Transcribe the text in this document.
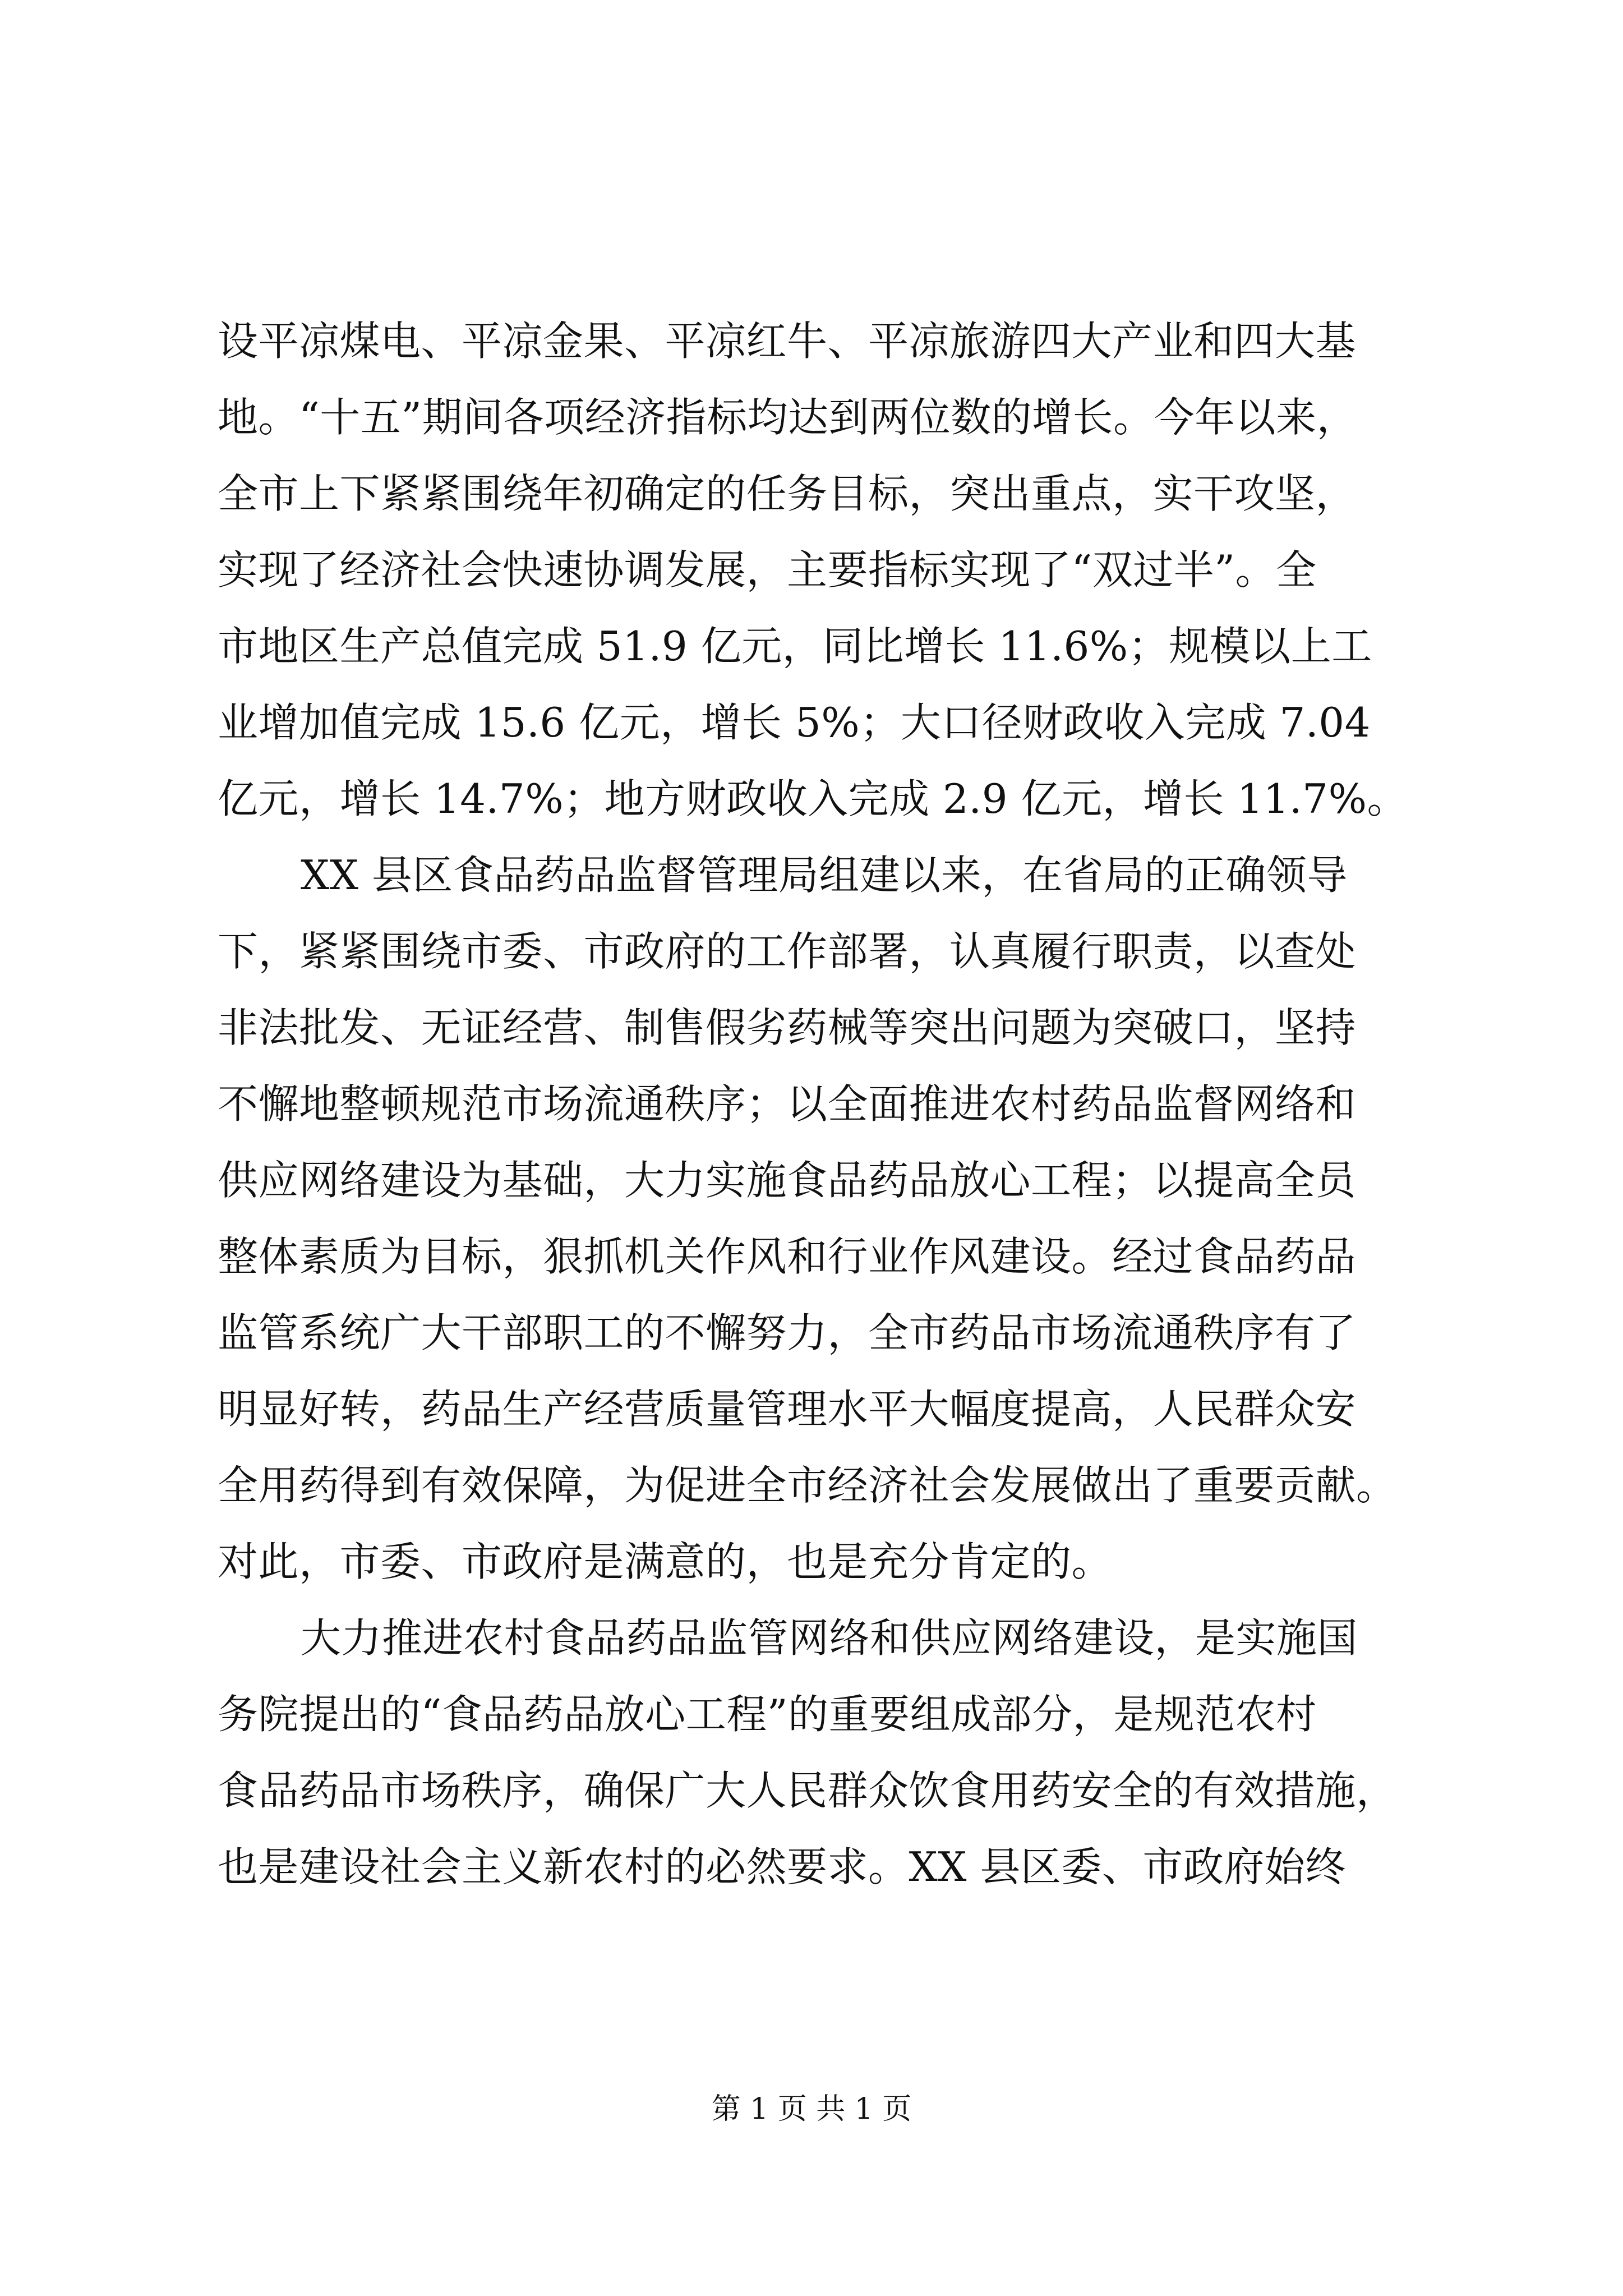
设平凉煤电、平凉金果、平凉红牛、平凉旅游四大产业和四大基
地。“十五”期间各项经济指标均达到两位数的增长。今年以来，
全市上下紧紧围绕年初确定的任务目标，突出重点，实干攻坚，
实现了经济社会快速协调发展，主要指标实现了“双过半”。全
市地区生产总值完成 51.9 亿元，同比增长 11.6%；规模以上工
业增加值完成 15.6 亿元，增长 5%；大口径财政收入完成 7.04
亿元，增长 14.7%；地方财政收入完成 2.9 亿元，增长 11.7%。
XX 县区食品药品监督管理局组建以来，在省局的正确领导
下，紧紧围绕市委、市政府的工作部署，认真履行职责，以查处
非法批发、无证经营、制售假劣药械等突出问题为突破口，坚持
不懈地整顿规范市场流通秩序；以全面推进农村药品监督网络和
供应网络建设为基础，大力实施食品药品放心工程；以提高全员
整体素质为目标，狠抓机关作风和行业作风建设。经过食品药品
监管系统广大干部职工的不懈努力，全市药品市场流通秩序有了
明显好转，药品生产经营质量管理水平大幅度提高，人民群众安
全用药得到有效保障，为促进全市经济社会发展做出了重要贡献。
对此，市委、市政府是满意的，也是充分肯定的。
大力推进农村食品药品监管网络和供应网络建设，是实施国
务院提出的“食品药品放心工程”的重要组成部分，是规范农村
食品药品市场秩序，确保广大人民群众饮食用药安全的有效措施，
也是建设社会主义新农村的必然要求。XX 县区委、市政府始终
第 1 页 共 1 页
